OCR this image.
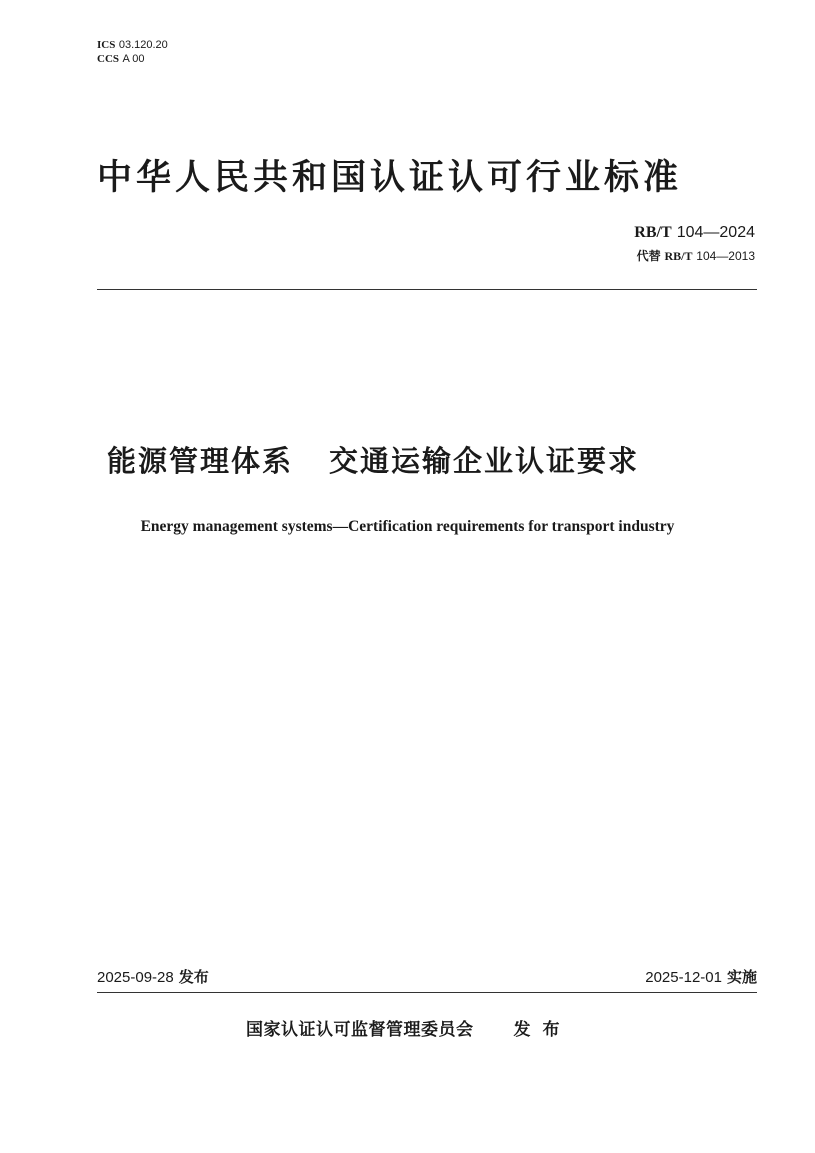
ICS 03.120.20
CCS A 00
中华人民共和国认证认可行业标准
RB/T 104—2024
代替 RB/T 104—2013
能源管理体系 交通运输企业认证要求
Energy management systems—Certification requirements for transport industry
2025-09-28 发布	2025-12-01 实施
国家认证认可监督管理委员会 发布
